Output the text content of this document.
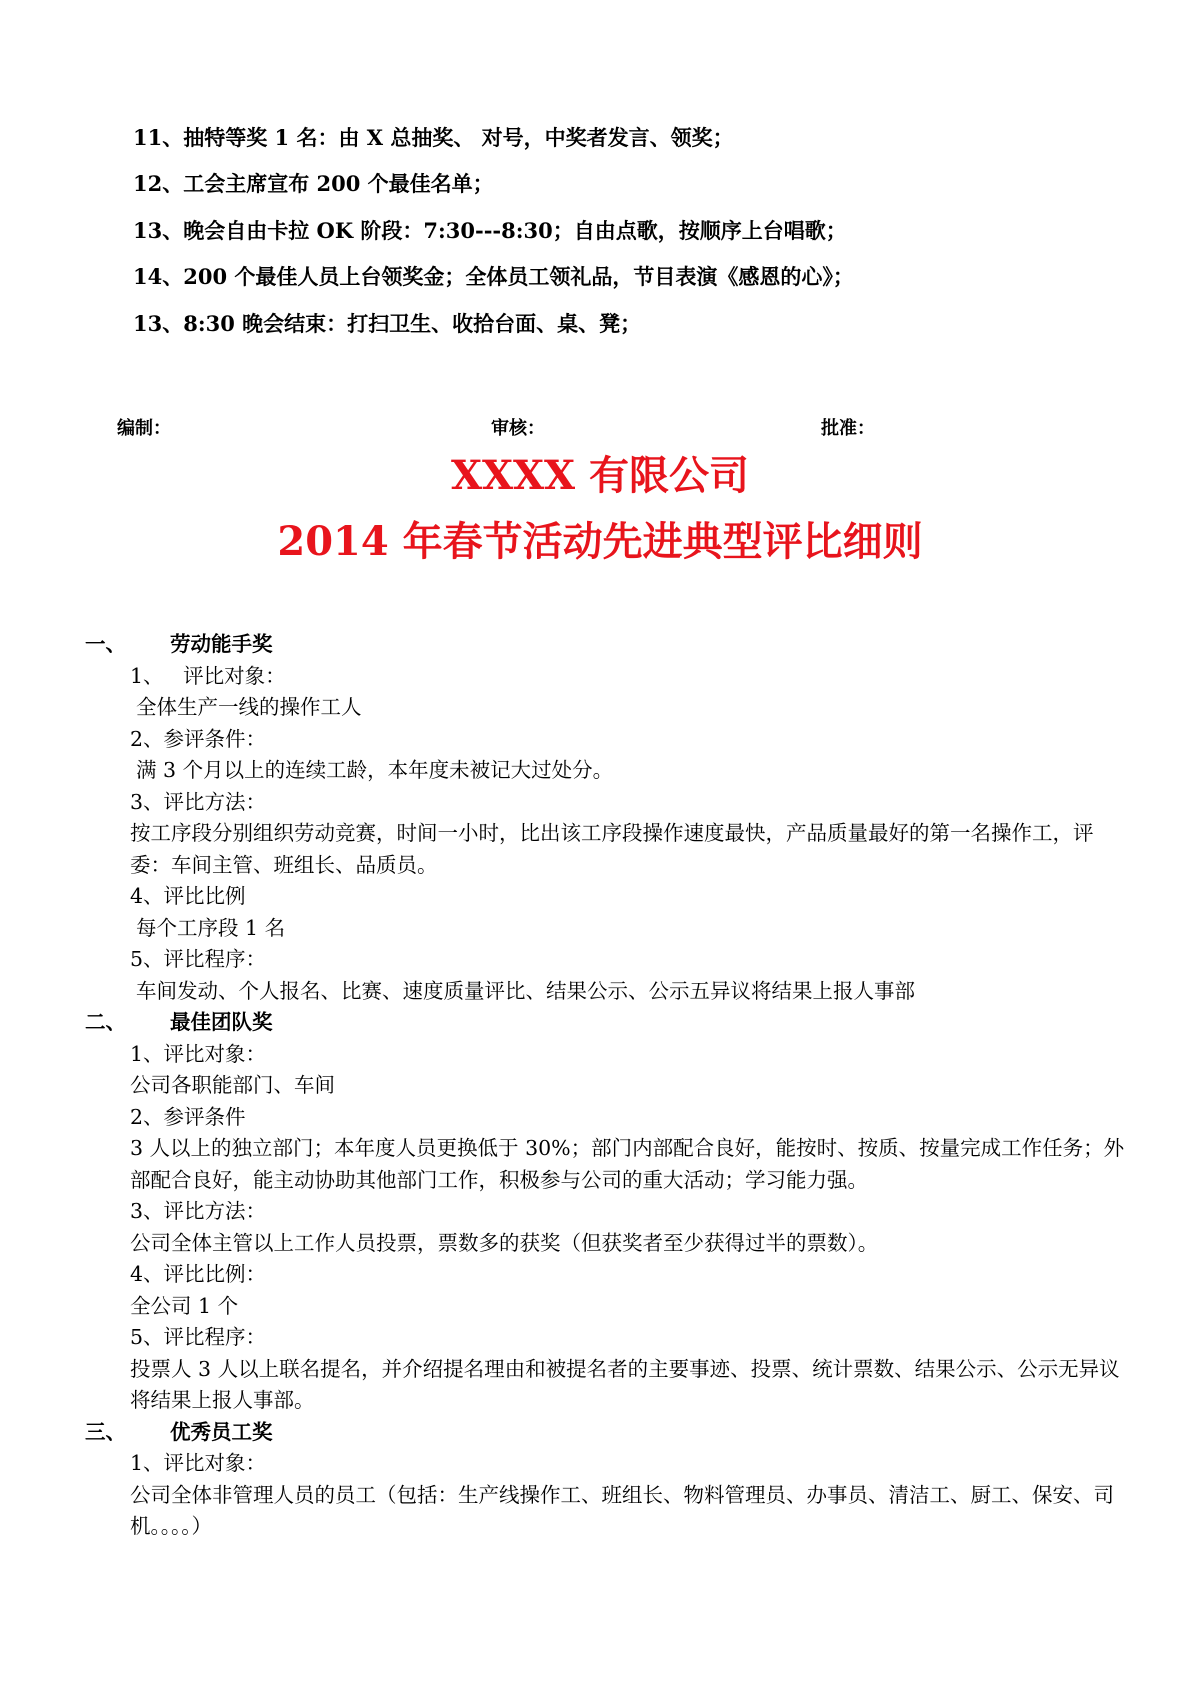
11、抽特等奖 1 名：由 X 总抽奖、 对号，中奖者发言、领奖；
12、工会主席宣布 200 个最佳名单；
13、晚会自由卡拉 OK 阶段：7:30---8:30；自由点歌，按顺序上台唱歌；
14、200 个最佳人员上台领奖金；全体员工领礼品，节目表演《感恩的心》；
13、8:30 晚会结束：打扫卫生、收拾台面、桌、凳；
编制：	审核：	批准：
XXXX 有限公司
2014 年春节活动先进典型评比细则
一、 劳动能手奖
1、   评比对象：
全体生产一线的操作工人
2、参评条件：
满 3 个月以上的连续工龄，本年度未被记大过处分。
3、评比方法：
按工序段分别组织劳动竞赛，时间一小时，比出该工序段操作速度最快，产品质量最好的第一名操作工，评委：车间主管、班组长、品质员。
4、评比比例
每个工序段 1 名
5、评比程序：
车间发动、个人报名、比赛、速度质量评比、结果公示、公示五异议将结果上报人事部
二、 最佳团队奖
1、评比对象：
公司各职能部门、车间
2、参评条件
3 人以上的独立部门；本年度人员更换低于 30%；部门内部配合良好，能按时、按质、按量完成工作任务；外部配合良好，能主动协助其他部门工作，积极参与公司的重大活动；学习能力强。
3、评比方法：
公司全体主管以上工作人员投票，票数多的获奖（但获奖者至少获得过半的票数）。
4、评比比例：
全公司 1 个
5、评比程序：
投票人 3 人以上联名提名，并介绍提名理由和被提名者的主要事迹、投票、统计票数、结果公示、公示无异议将结果上报人事部。
三、 优秀员工奖
1、评比对象：
公司全体非管理人员的员工（包括：生产线操作工、班组长、物料管理员、办事员、清洁工、厨工、保安、司机。。。。）
